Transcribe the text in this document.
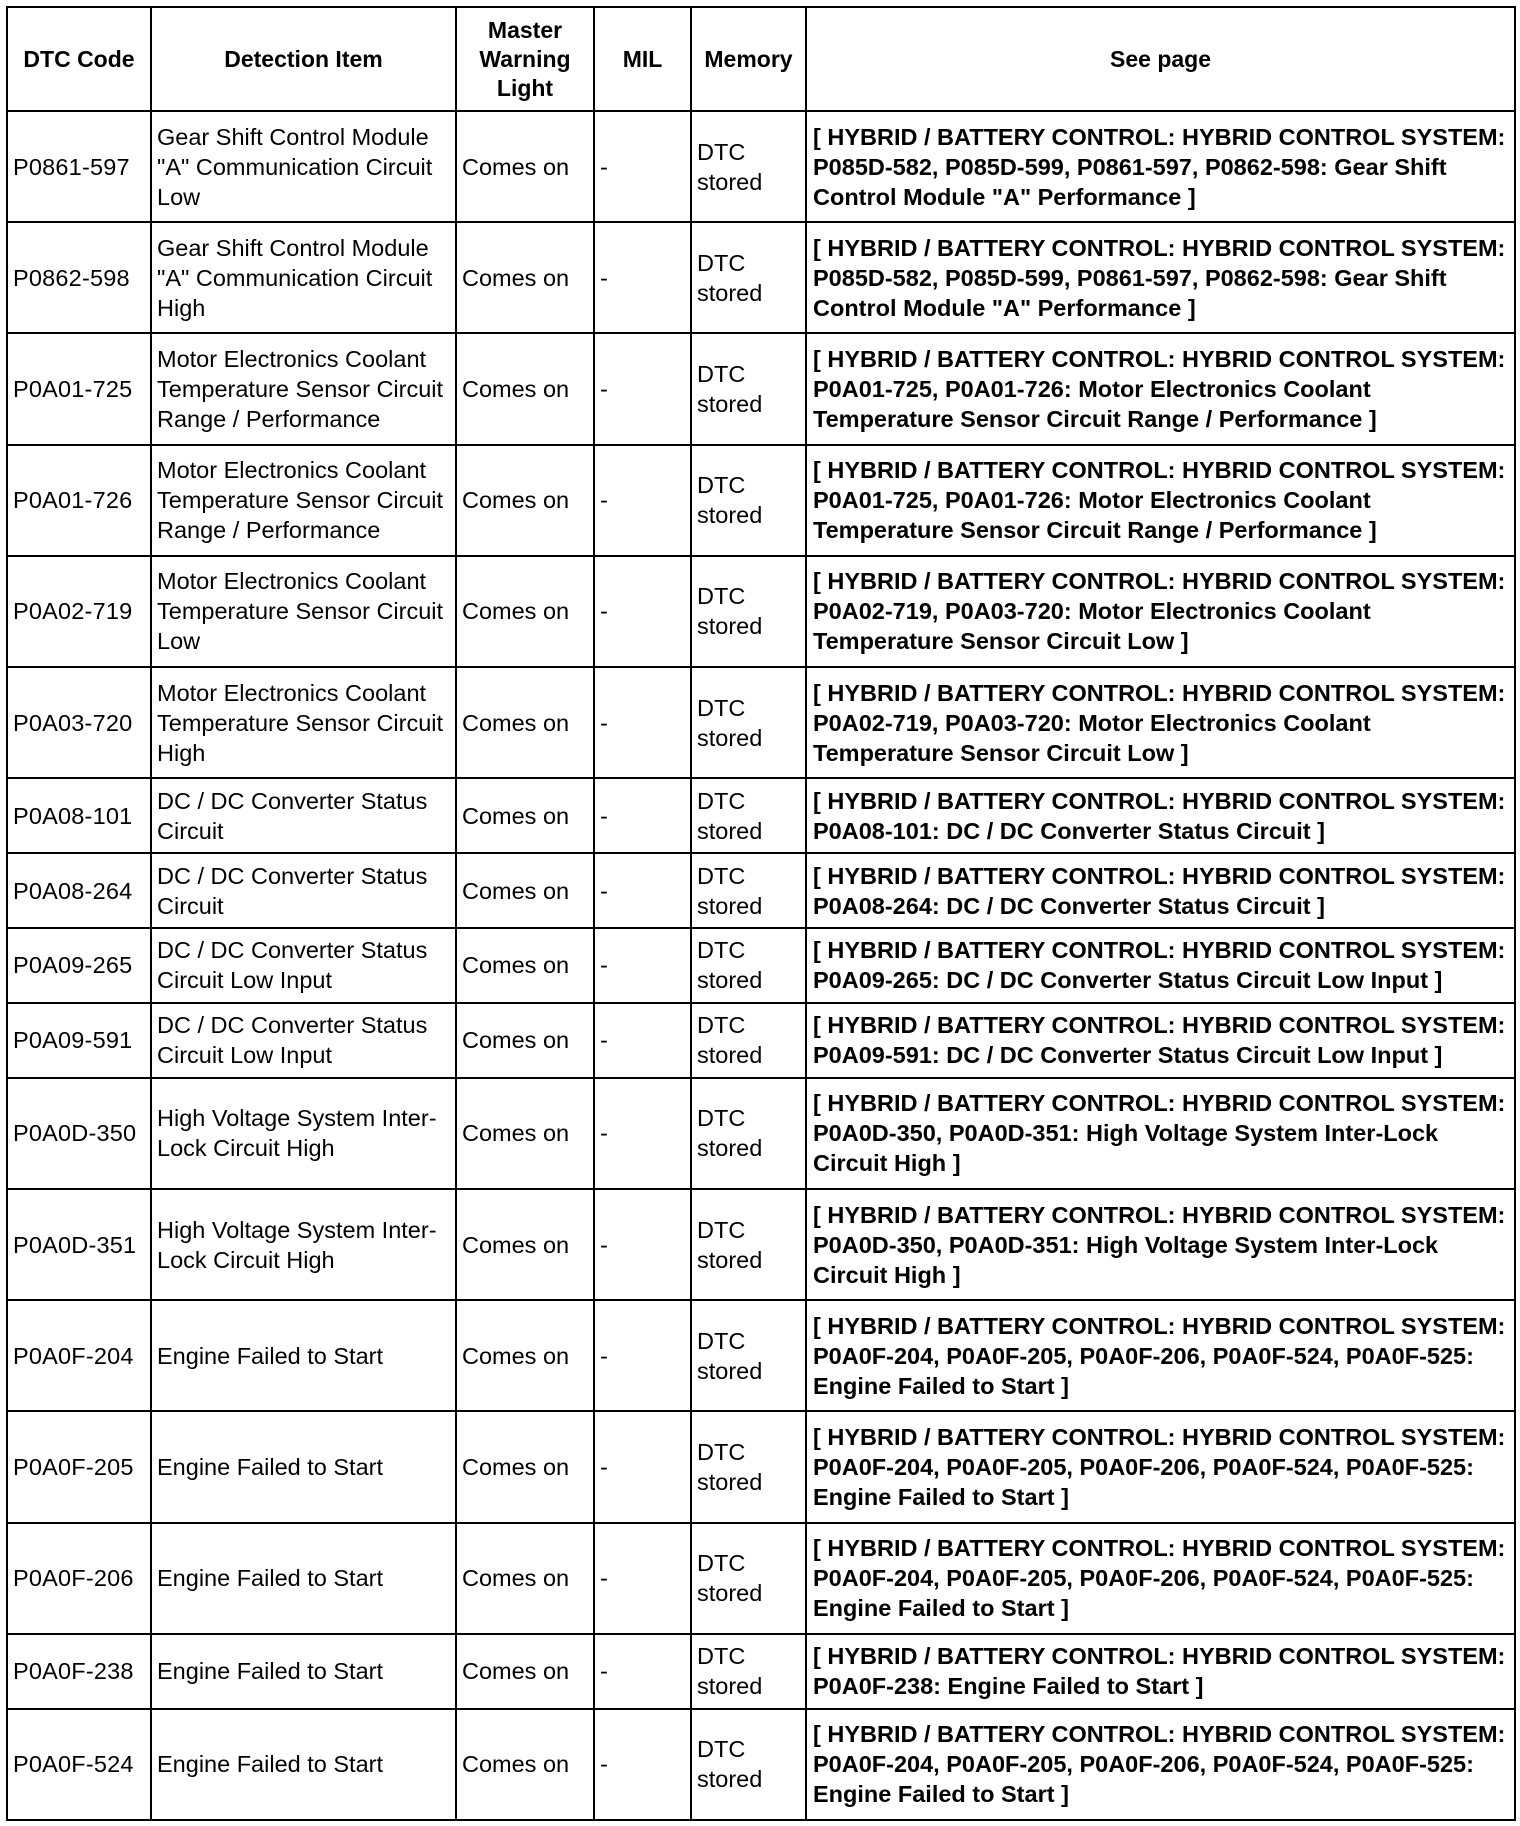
DTC Code	Detection Item	Master Warning Light	MIL	Memory	See page
P0861-597	Gear Shift Control Module "A" Communication Circuit Low	Comes on	-	DTC stored	[ HYBRID / BATTERY CONTROL: HYBRID CONTROL SYSTEM: P085D-582, P085D-599, P0861-597, P0862-598: Gear Shift Control Module "A" Performance ]
P0862-598	Gear Shift Control Module "A" Communication Circuit High	Comes on	-	DTC stored	[ HYBRID / BATTERY CONTROL: HYBRID CONTROL SYSTEM: P085D-582, P085D-599, P0861-597, P0862-598: Gear Shift Control Module "A" Performance ]
P0A01-725	Motor Electronics Coolant Temperature Sensor Circuit Range / Performance	Comes on	-	DTC stored	[ HYBRID / BATTERY CONTROL: HYBRID CONTROL SYSTEM: P0A01-725, P0A01-726: Motor Electronics Coolant Temperature Sensor Circuit Range / Performance ]
P0A01-726	Motor Electronics Coolant Temperature Sensor Circuit Range / Performance	Comes on	-	DTC stored	[ HYBRID / BATTERY CONTROL: HYBRID CONTROL SYSTEM: P0A01-725, P0A01-726: Motor Electronics Coolant Temperature Sensor Circuit Range / Performance ]
P0A02-719	Motor Electronics Coolant Temperature Sensor Circuit Low	Comes on	-	DTC stored	[ HYBRID / BATTERY CONTROL: HYBRID CONTROL SYSTEM: P0A02-719, P0A03-720: Motor Electronics Coolant Temperature Sensor Circuit Low ]
P0A03-720	Motor Electronics Coolant Temperature Sensor Circuit High	Comes on	-	DTC stored	[ HYBRID / BATTERY CONTROL: HYBRID CONTROL SYSTEM: P0A02-719, P0A03-720: Motor Electronics Coolant Temperature Sensor Circuit Low ]
P0A08-101	DC / DC Converter Status Circuit	Comes on	-	DTC stored	[ HYBRID / BATTERY CONTROL: HYBRID CONTROL SYSTEM: P0A08-101: DC / DC Converter Status Circuit ]
P0A08-264	DC / DC Converter Status Circuit	Comes on	-	DTC stored	[ HYBRID / BATTERY CONTROL: HYBRID CONTROL SYSTEM: P0A08-264: DC / DC Converter Status Circuit ]
P0A09-265	DC / DC Converter Status Circuit Low Input	Comes on	-	DTC stored	[ HYBRID / BATTERY CONTROL: HYBRID CONTROL SYSTEM: P0A09-265: DC / DC Converter Status Circuit Low Input ]
P0A09-591	DC / DC Converter Status Circuit Low Input	Comes on	-	DTC stored	[ HYBRID / BATTERY CONTROL: HYBRID CONTROL SYSTEM: P0A09-591: DC / DC Converter Status Circuit Low Input ]
P0A0D-350	High Voltage System Inter-Lock Circuit High	Comes on	-	DTC stored	[ HYBRID / BATTERY CONTROL: HYBRID CONTROL SYSTEM: P0A0D-350, P0A0D-351: High Voltage System Inter-Lock Circuit High ]
P0A0D-351	High Voltage System Inter-Lock Circuit High	Comes on	-	DTC stored	[ HYBRID / BATTERY CONTROL: HYBRID CONTROL SYSTEM: P0A0D-350, P0A0D-351: High Voltage System Inter-Lock Circuit High ]
P0A0F-204	Engine Failed to Start	Comes on	-	DTC stored	[ HYBRID / BATTERY CONTROL: HYBRID CONTROL SYSTEM: P0A0F-204, P0A0F-205, P0A0F-206, P0A0F-524, P0A0F-525: Engine Failed to Start ]
P0A0F-205	Engine Failed to Start	Comes on	-	DTC stored	[ HYBRID / BATTERY CONTROL: HYBRID CONTROL SYSTEM: P0A0F-204, P0A0F-205, P0A0F-206, P0A0F-524, P0A0F-525: Engine Failed to Start ]
P0A0F-206	Engine Failed to Start	Comes on	-	DTC stored	[ HYBRID / BATTERY CONTROL: HYBRID CONTROL SYSTEM: P0A0F-204, P0A0F-205, P0A0F-206, P0A0F-524, P0A0F-525: Engine Failed to Start ]
P0A0F-238	Engine Failed to Start	Comes on	-	DTC stored	[ HYBRID / BATTERY CONTROL: HYBRID CONTROL SYSTEM: P0A0F-238: Engine Failed to Start ]
P0A0F-524	Engine Failed to Start	Comes on	-	DTC stored	[ HYBRID / BATTERY CONTROL: HYBRID CONTROL SYSTEM: P0A0F-204, P0A0F-205, P0A0F-206, P0A0F-524, P0A0F-525: Engine Failed to Start ]
